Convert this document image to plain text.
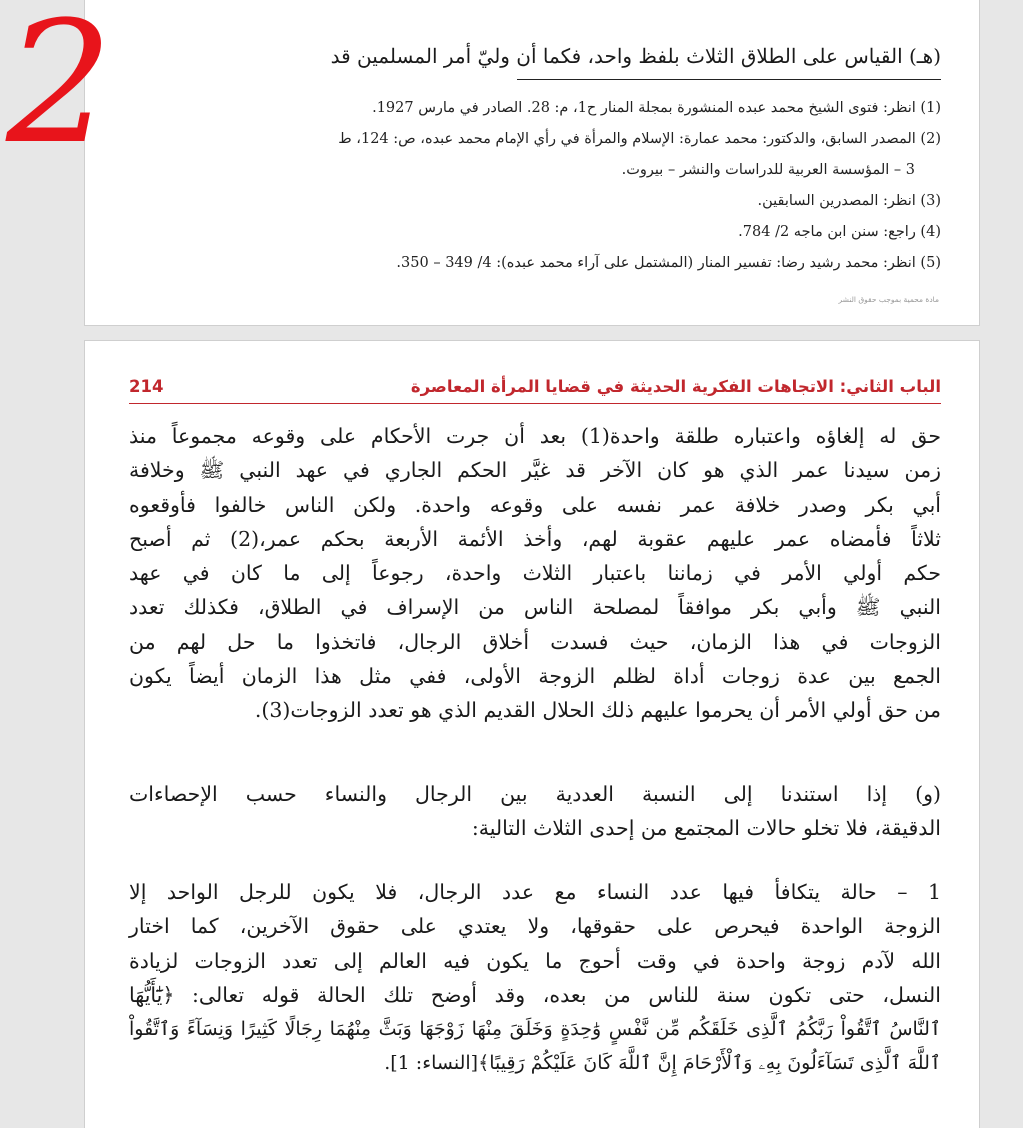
(هـ) القياس على الطلاق الثلاث بلفظ واحد، فكما أن وليّ أمر المسلمين قد
(1) انظر: فتوى الشيخ محمد عبده المنشورة بمجلة المنار ح1، م: 28. الصادر في مارس 1927.
(2) المصدر السابق، والدكتور: محمد عمارة: الإسلام والمرأة في رأي الإمام محمد عبده، ص: 124، ط
3 – المؤسسة العربية للدراسات والنشر – بيروت.
(3) انظر: المصدرين السابقين.
(4) راجع: سنن ابن ماجه 2/ 784.
(5) انظر: محمد رشيد رضا: تفسير المنار (المشتمل على آراء محمد عبده): 4/ 349 – 350.
مادة محمية بموجب حقوق النشر
2
الباب الثاني: الاتجاهات الفكرية الحديثة في قضايا المرأة المعاصرة
214
حق له إلغاؤه واعتباره طلقة واحدة(1) بعد أن جرت الأحكام على وقوعه مجموعاً منذ
زمن سيدنا عمر الذي هو كان الآخر قد غيَّر الحكم الجاري في عهد النبي ﷺ وخلافة
أبي بكر وصدر خلافة عمر نفسه على وقوعه واحدة. ولكن الناس خالفوا فأوقعوه
ثلاثاً فأمضاه عمر عليهم عقوبة لهم، وأخذ الأئمة الأربعة بحكم عمر،(2) ثم أصبح
حكم أولي الأمر في زماننا باعتبار الثلاث واحدة، رجوعاً إلى ما كان في عهد
النبي ﷺ وأبي بكر موافقاً لمصلحة الناس من الإسراف في الطلاق، فكذلك تعدد
الزوجات في هذا الزمان، حيث فسدت أخلاق الرجال، فاتخذوا ما حل لهم من
الجمع بين عدة زوجات أداة لظلم الزوجة الأولى، ففي مثل هذا الزمان أيضاً يكون
من حق أولي الأمر أن يحرموا عليهم ذلك الحلال القديم الذي هو تعدد الزوجات(3).
(و) إذا استندنا إلى النسبة العددية بين الرجال والنساء حسب الإحصاءات
الدقيقة، فلا تخلو حالات المجتمع من إحدى الثلاث التالية:
1 – حالة يتكافأ فيها عدد النساء مع عدد الرجال، فلا يكون للرجل الواحد إلا
الزوجة الواحدة فيحرص على حقوقها، ولا يعتدي على حقوق الآخرين، كما اختار
الله لآدم زوجة واحدة في وقت أحوج ما يكون فيه العالم إلى تعدد الزوجات لزيادة
النسل، حتى تكون سنة للناس من بعده، وقد أوضح تلك الحالة قوله تعالى: ﴿يَٰٓأَيُّهَا
ٱلنَّاسُ ٱتَّقُواْ رَبَّكُمُ ٱلَّذِى خَلَقَكُم مِّن نَّفْسٍ وَٰحِدَةٍ وَخَلَقَ مِنْهَا زَوْجَهَا وَبَثَّ مِنْهُمَا رِجَالًا كَثِيرًا وَنِسَآءً وَٱتَّقُواْ
ٱللَّهَ ٱلَّذِى تَسَآءَلُونَ بِهِۦ وَٱلْأَرْحَامَ إِنَّ ٱللَّهَ كَانَ عَلَيْكُمْ رَقِيبًا﴾[النساء: 1].
